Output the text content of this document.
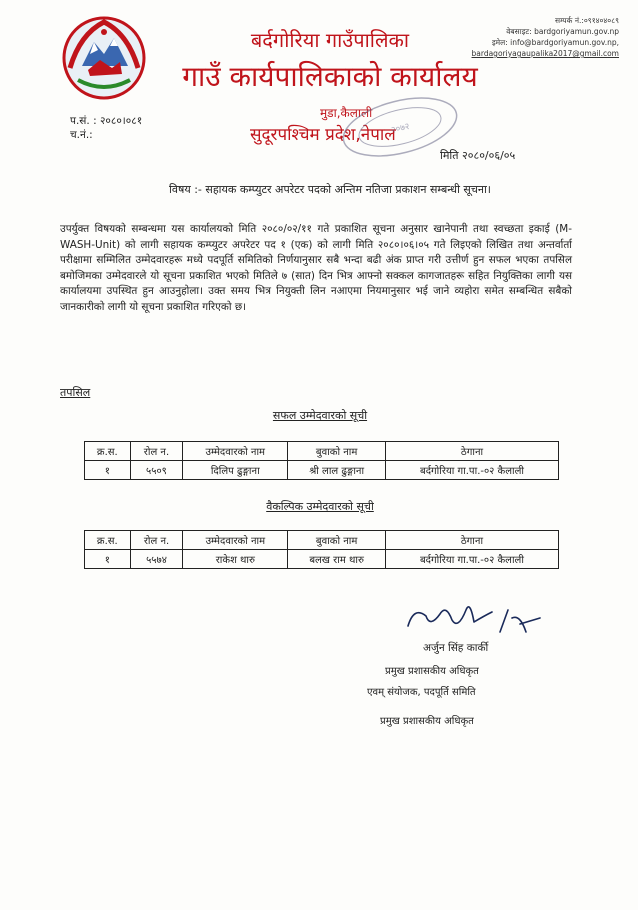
बर्दगोरिया गाउँपालिका
गाउँ कार्यपालिकाको कार्यालय
मुडा,कैलाली
सुदूरपश्चिम प्रदेश,नेपाल
सम्पर्क नं.:०९१४०४०८९
वेबसाइट: bardgoriyamun.gov.np
इमेल: info@bardgoriyamun.gov.np,
bardagoriyagaupalika2017@gmail.com
प.सं. : २०८०।०८१
च.नं.:	२०७२
मिति २०८०/०६/०५
विषय :- सहायक कम्प्युटर अपरेटर पदको अन्तिम नतिजा प्रकाशन सम्बन्धी सूचना।
उपर्युक्त विषयको सम्बन्धमा यस कार्यालयको मिति २०८०/०२/११ गते प्रकाशित सूचना अनुसार खानेपानी तथा स्वच्छता इकाई (M-WASH-Unit) को लागी सहायक कम्प्युटर अपरेटर पद १ (एक) को लागी मिति २०८०।०६।०५ गते लिइएको लिखित तथा अन्तर्वार्ता परीक्षामा सम्मिलित उम्मेदवारहरू मध्ये पदपूर्ति समितिको निर्णयानुसार सबै भन्दा बढी अंक प्राप्त गरी उत्तीर्ण हुन सफल भएका तपसिल बमोजिमका उम्मेदवारले यो सूचना प्रकाशित भएको मितिले ७ (सात) दिन भित्र आफ्नो सक्कल कागजातहरू सहित नियुक्तिका लागी यस कार्यालयमा उपस्थित हुन आउनुहोला। उक्त समय भित्र नियुक्ती लिन नआएमा नियमानुसार भई जाने व्यहोरा समेत सम्बन्धित सबैको जानकारीको लागी यो सूचना प्रकाशित गरिएको छ।
तपसिल
सफल उम्मेदवारको सूची
क्र.स.	रोल न.	उम्मेदवारको नाम	बुवाको नाम	ठेगाना
१	५५०९	दिलिप ढुङ्गाना	श्री लाल ढुङ्गाना	बर्दगोरिया गा.पा.-०२ कैलाली
वैकल्पिक उम्मेदवारको सूची
क्र.स.	रोल न.	उम्मेदवारको नाम	बुवाको नाम	ठेगाना
१	५५७४	राकेश थारु	बलख राम थारु	बर्दगोरिया गा.पा.-०२ कैलाली
अर्जुन सिंह कार्की
प्रमुख प्रशासकीय अधिकृत
एवम् संयोजक, पदपूर्ति समिति
प्रमुख प्रशासकीय अधिकृत
